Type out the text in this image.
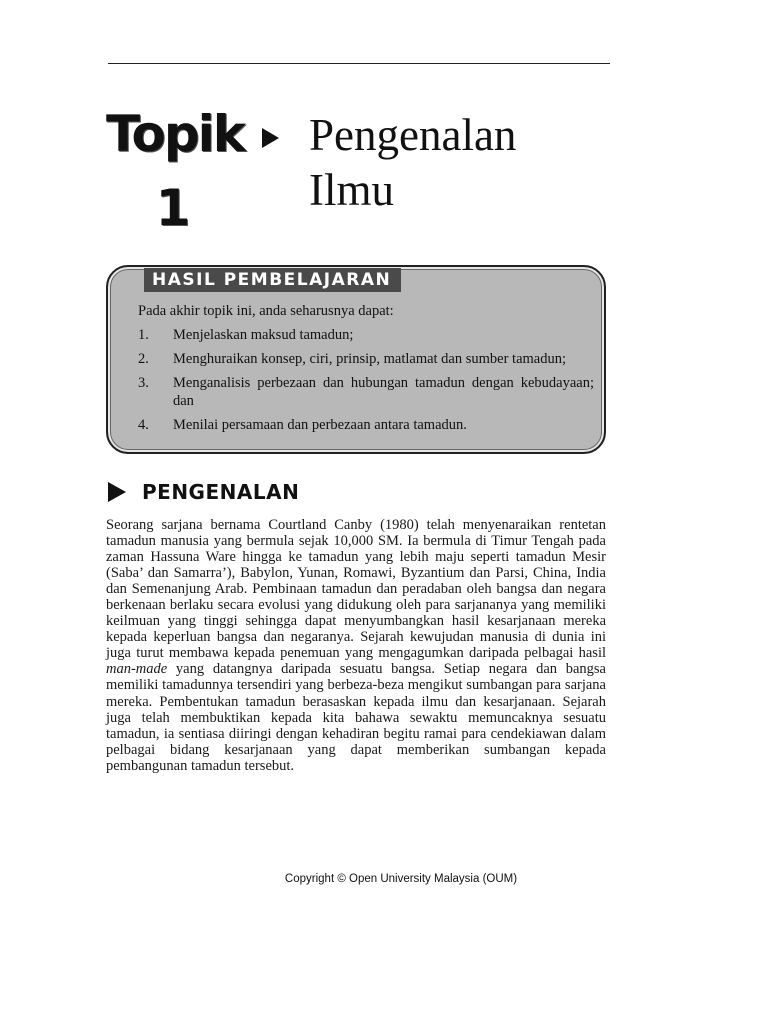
Topik
1
Pengenalan
Ilmu
HASIL PEMBELAJARAN
Pada akhir topik ini, anda seharusnya dapat:
1.	Menjelaskan maksud tamadun;
2.	Menghuraikan konsep, ciri, prinsip, matlamat dan sumber tamadun;
3.	Menganalisis perbezaan dan hubungan tamadun dengan kebudayaan; dan
4.	Menilai persamaan dan perbezaan antara tamadun.
PENGENALAN
Seorang sarjana bernama Courtland Canby (1980) telah menyenaraikan rentetan tamadun manusia yang bermula sejak 10,000 SM. Ia bermula di Timur Tengah pada zaman Hassuna Ware hingga ke tamadun yang lebih maju seperti tamadun Mesir (Saba’ dan Samarra’), Babylon, Yunan, Romawi, Byzantium dan Parsi, China, India dan Semenanjung Arab. Pembinaan tamadun dan peradaban oleh bangsa dan negara berkenaan berlaku secara evolusi yang didukung oleh para sarjananya yang memiliki keilmuan yang tinggi sehingga dapat menyumbangkan hasil kesarjanaan mereka kepada keperluan bangsa dan negaranya. Sejarah kewujudan manusia di dunia ini juga turut membawa kepada penemuan yang mengagumkan daripada pelbagai hasil man-made yang datangnya daripada sesuatu bangsa. Setiap negara dan bangsa memiliki tamadunnya tersendiri yang berbeza-beza mengikut sumbangan para sarjana mereka. Pembentukan tamadun berasaskan kepada ilmu dan kesarjanaan. Sejarah juga telah membuktikan kepada kita bahawa sewaktu memuncaknya sesuatu tamadun, ia sentiasa diiringi dengan kehadiran begitu ramai para cendekiawan dalam pelbagai bidang kesarjanaan yang dapat memberikan sumbangan kepada pembangunan tamadun tersebut.
Copyright © Open University Malaysia (OUM)
